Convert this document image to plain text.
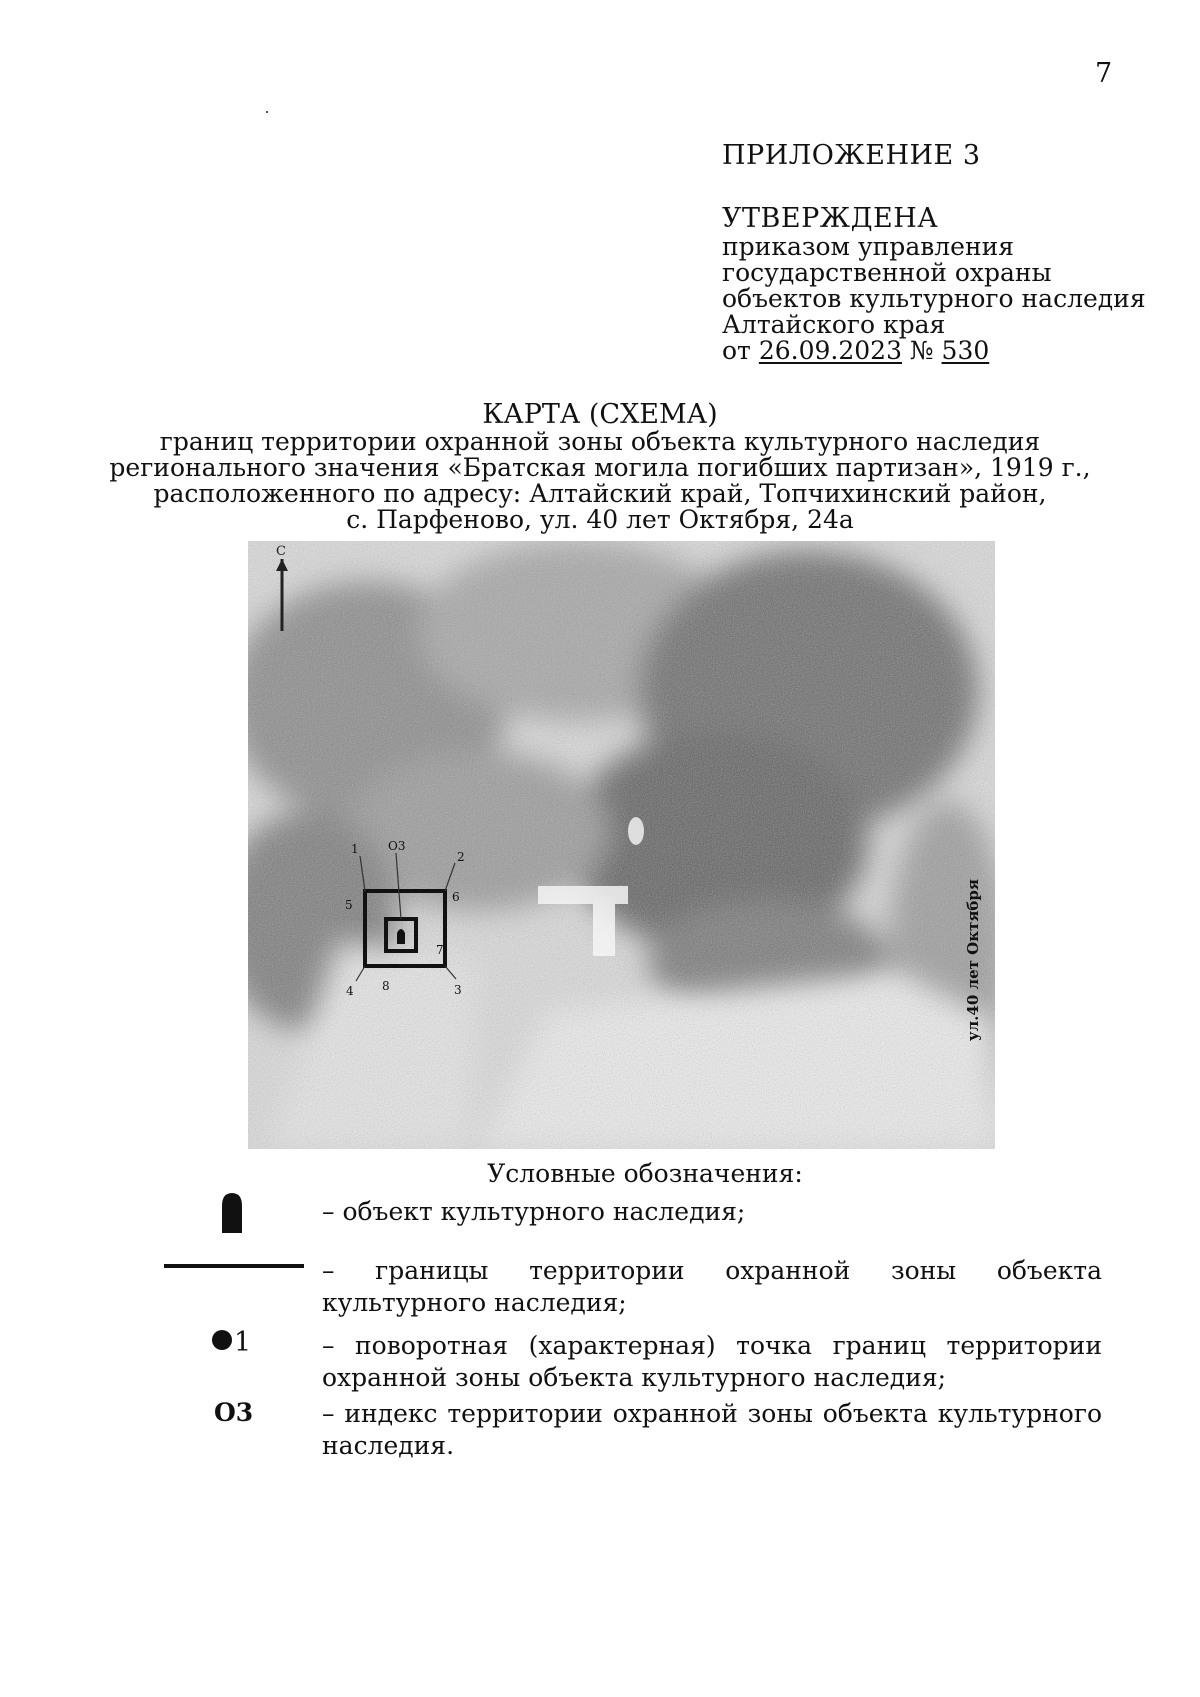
7
ПРИЛОЖЕНИЕ 3
УТВЕРЖДЕНА
приказом управления
государственной охраны
объектов культурного наследия
Алтайского края
от 26.09.2023 № 530
КАРТА (СХЕМА)
границ территории охранной зоны объекта культурного наследия
регионального значения «Братская могила погибших партизан», 1919 г.,
расположенного по адресу: Алтайский край, Топчихинский район,
с. Парфеново, ул. 40 лет Октября, 24а
С
О3
1
2
3
4
5
6
7
8	ул.40 лет Октября
Условные обозначения:
– объект культурного наследия;
– границы территории охранной зоны объекта культурного наследия;
1	– поворотная (характерная) точка границ территории охранной зоны объекта культурного наследия;
О3	– индекс территории охранной зоны объекта культурного наследия.
